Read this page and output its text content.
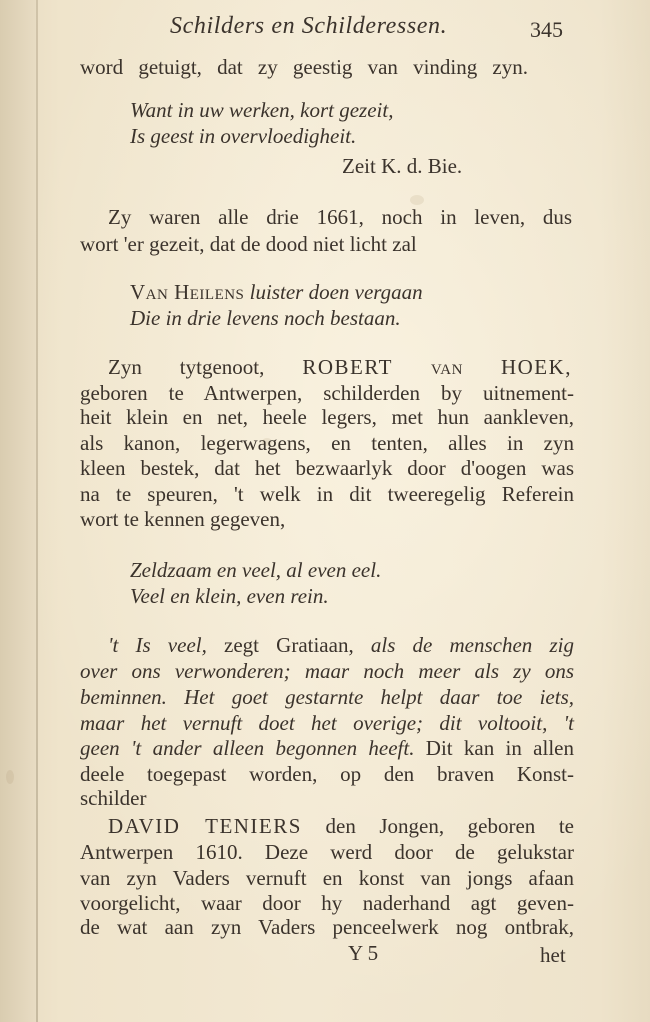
Schilders en Schilderessen.	345
word getuigt, dat zy geestig van vinding zyn.
Want in uw werken, kort gezeit,
Is geest in overvloedigheit.
Zeit K. d. Bie.
Zy waren alle drie 1661, noch in leven, dus
wort 'er gezeit, dat de dood niet licht zal
Van Heilens luister doen vergaan
Die in drie levens noch bestaan.
Zyn tytgenoot, ROBERT van HOEK,
geboren te Antwerpen, schilderden by uitnement-
heit klein en net, heele legers, met hun aankleven,
als kanon, legerwagens, en tenten, alles in zyn
kleen bestek, dat het bezwaarlyk door d'oogen was
na te speuren, 't welk in dit tweeregelig Referein
wort te kennen gegeven,
Zeldzaam en veel, al even eel.
Veel en klein, even rein.
't Is veel, zegt Gratiaan, als de menschen zig
over ons verwonderen; maar noch meer als zy ons
beminnen. Het goet gestarnte helpt daar toe iets,
maar het vernuft doet het overige; dit voltooit, 't
geen 't ander alleen begonnen heeft. Dit kan in allen
deele toegepast worden, op den braven Konst-
schilder
DAVID TENIERS den Jongen, geboren te
Antwerpen 1610. Deze werd door de gelukstar
van zyn Vaders vernuft en konst van jongs afaan
voorgelicht, waar door hy naderhand agt geven-
de wat aan zyn Vaders penceelwerk nog ontbrak,
Y 5	het
